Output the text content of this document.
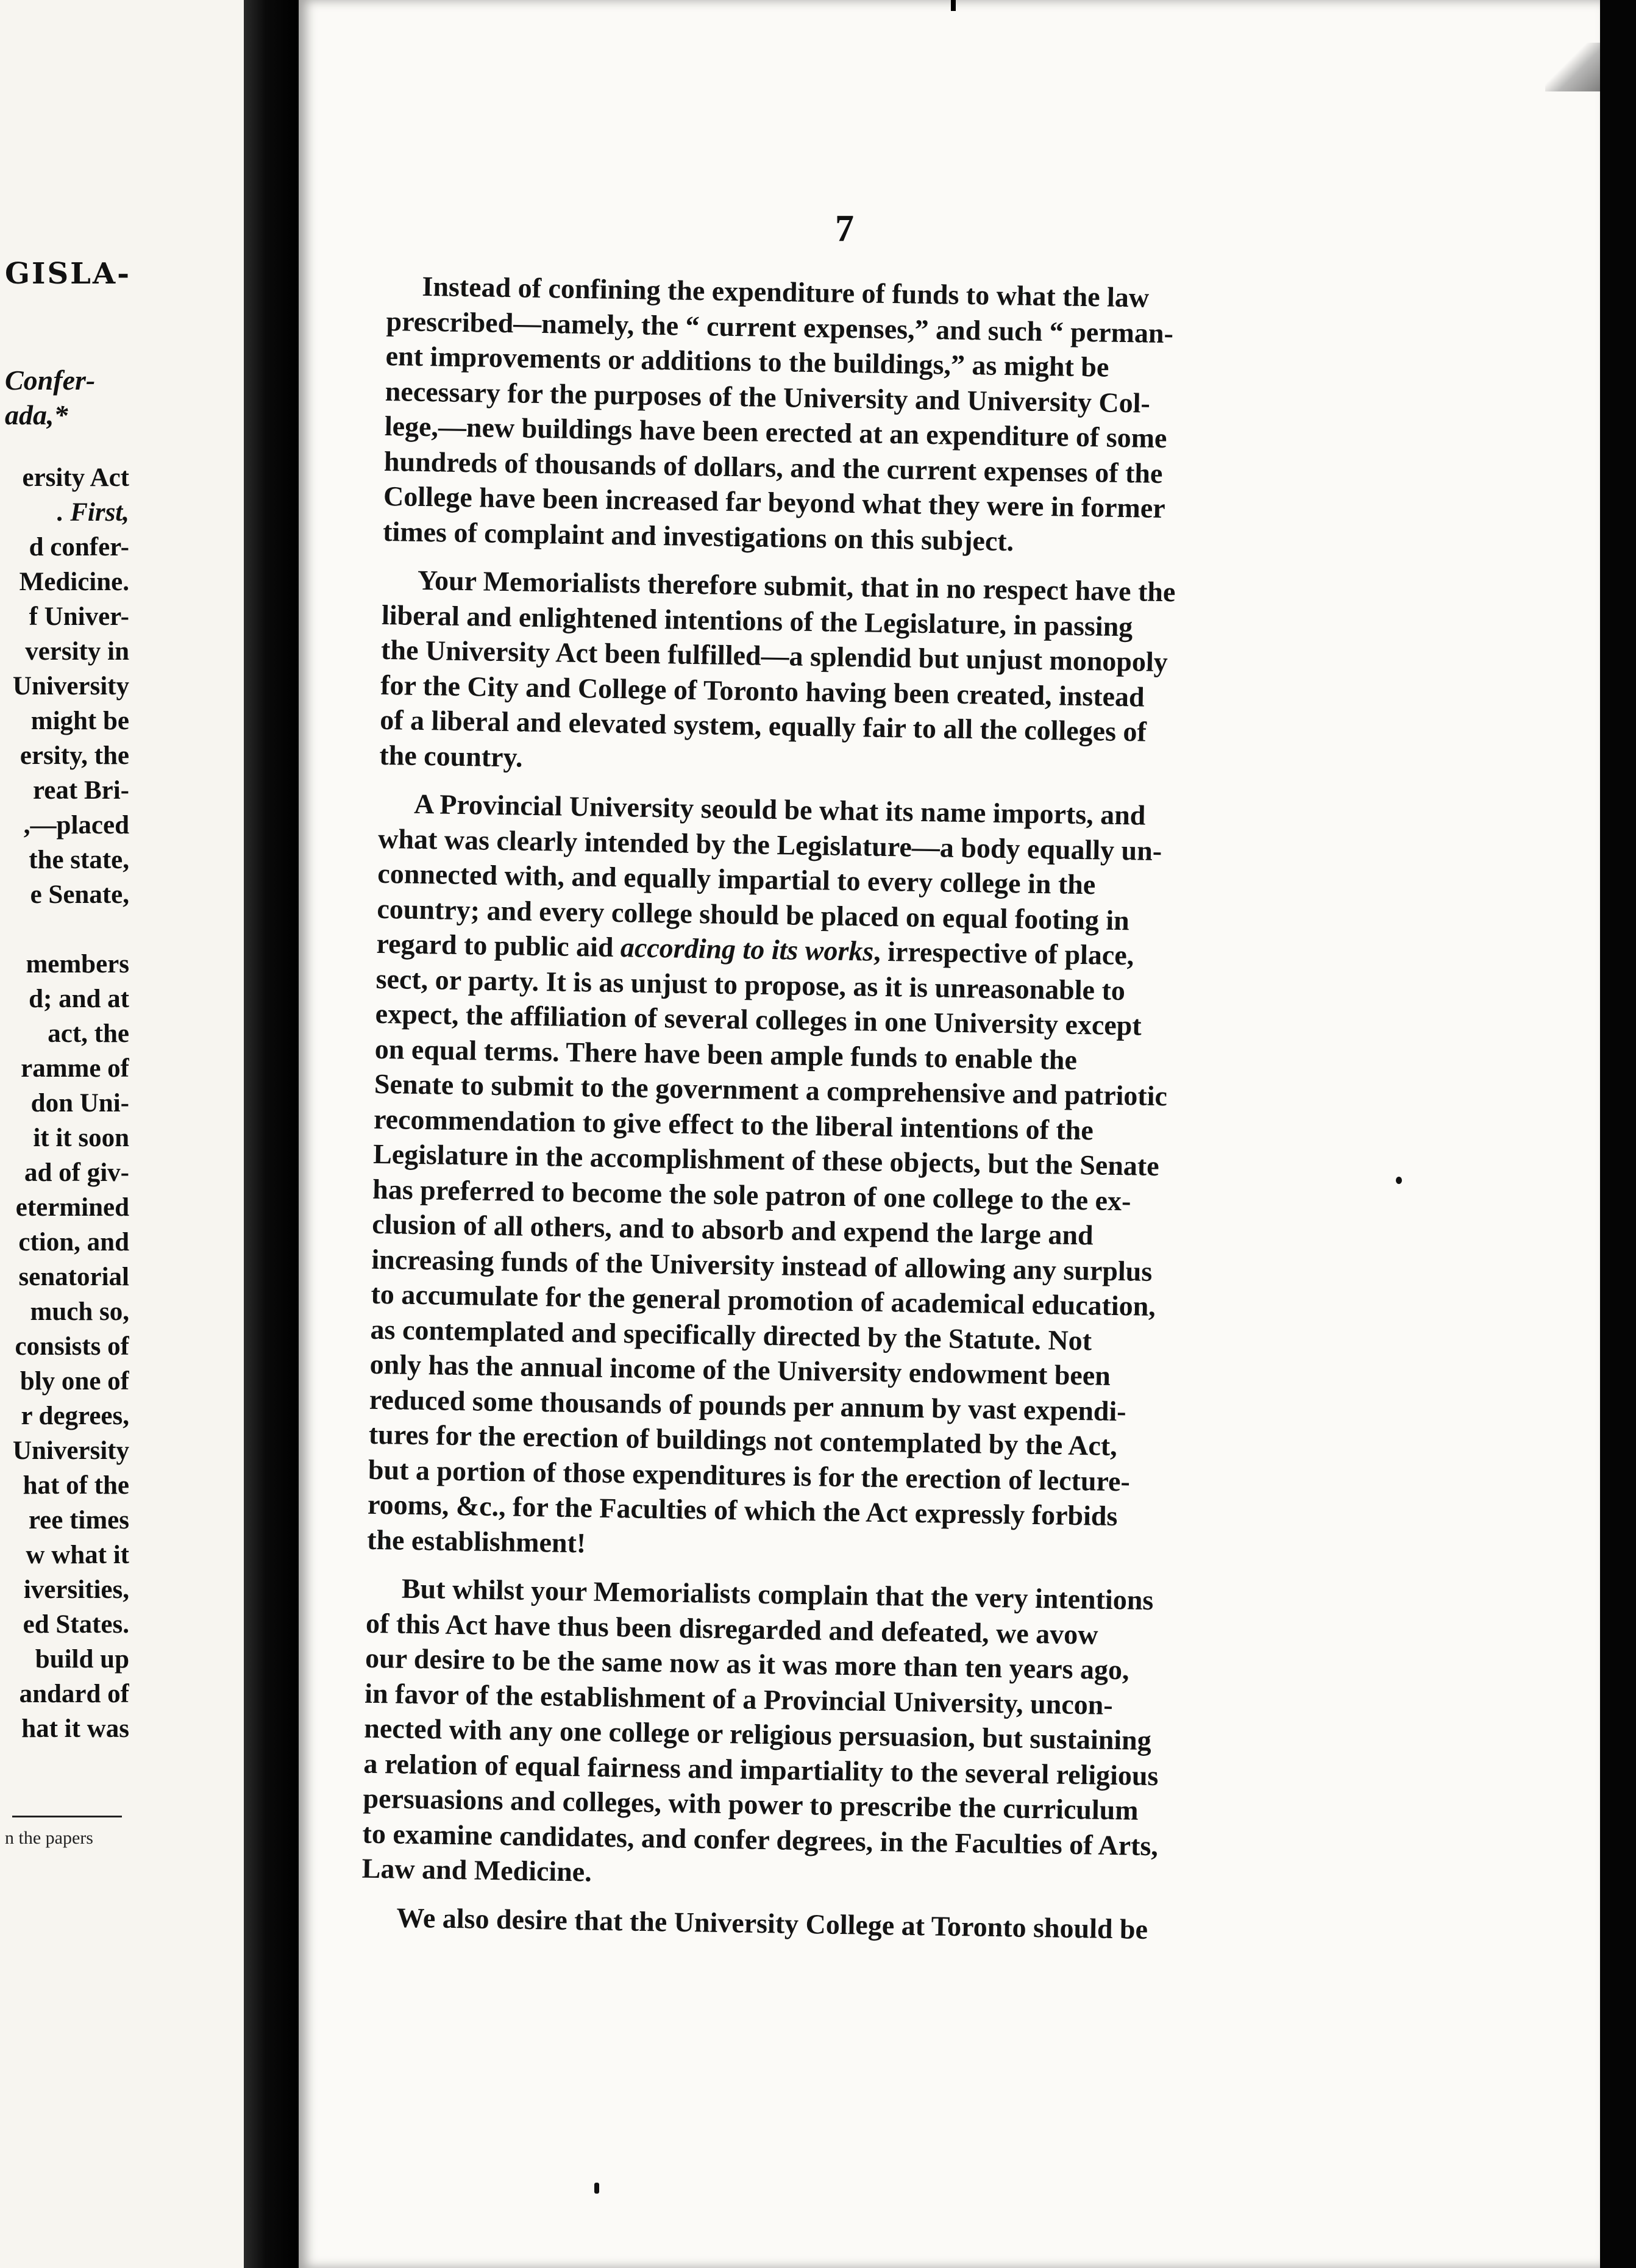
GISLA-
Confer-
ada,*
ersity Act
. First,
d confer-
Medicine.
f Univer-
versity in
University
might be
ersity, the
reat Bri-
,—placed
the state,
e Senate,
members
d; and at
act, the
ramme of
don Uni-
it it soon
ad of giv-
etermined
ction, and
senatorial
much so,
consists of
bly one of
r degrees,
University
hat of the
ree times
w what it
iversities,
ed States.
build up
andard of
hat it was
n the papers
7
Instead of confining the expenditure of funds to what the law
prescribed—namely, the “ current expenses,” and such “ perman-
ent improvements or additions to the buildings,” as might be
necessary for the purposes of the University and University Col-
lege,—new buildings have been erected at an expenditure of some
hundreds of thousands of dollars, and the current expenses of the
College have been increased far beyond what they were in former
times of complaint and investigations on this subject.
Your Memorialists therefore submit, that in no respect have the
liberal and enlightened intentions of the Legislature, in passing
the University Act been fulfilled—a splendid but unjust monopoly
for the City and College of Toronto having been created, instead
of a liberal and elevated system, equally fair to all the colleges of
the country.
A Provincial University seould be what its name imports, and
what was clearly intended by the Legislature—a body equally un-
connected with, and equally impartial to every college in the
country; and every college should be placed on equal footing in
regard to public aid according to its works, irrespective of place,
sect, or party. It is as unjust to propose, as it is unreasonable to
expect, the affiliation of several colleges in one University except
on equal terms. There have been ample funds to enable the
Senate to submit to the government a comprehensive and patriotic
recommendation to give effect to the liberal intentions of the
Legislature in the accomplishment of these objects, but the Senate
has preferred to become the sole patron of one college to the ex-
clusion of all others, and to absorb and expend the large and
increasing funds of the University instead of allowing any surplus
to accumulate for the general promotion of academical education,
as contemplated and specifically directed by the Statute. Not
only has the annual income of the University endowment been
reduced some thousands of pounds per annum by vast expendi-
tures for the erection of buildings not contemplated by the Act,
but a portion of those expenditures is for the erection of lecture-
rooms, &c., for the Faculties of which the Act expressly forbids
the establishment!
But whilst your Memorialists complain that the very intentions
of this Act have thus been disregarded and defeated, we avow
our desire to be the same now as it was more than ten years ago,
in favor of the establishment of a Provincial University, uncon-
nected with any one college or religious persuasion, but sustaining
a relation of equal fairness and impartiality to the several religious
persuasions and colleges, with power to prescribe the curriculum
to examine candidates, and confer degrees, in the Faculties of Arts,
Law and Medicine.
We also desire that the University College at Toronto should be
